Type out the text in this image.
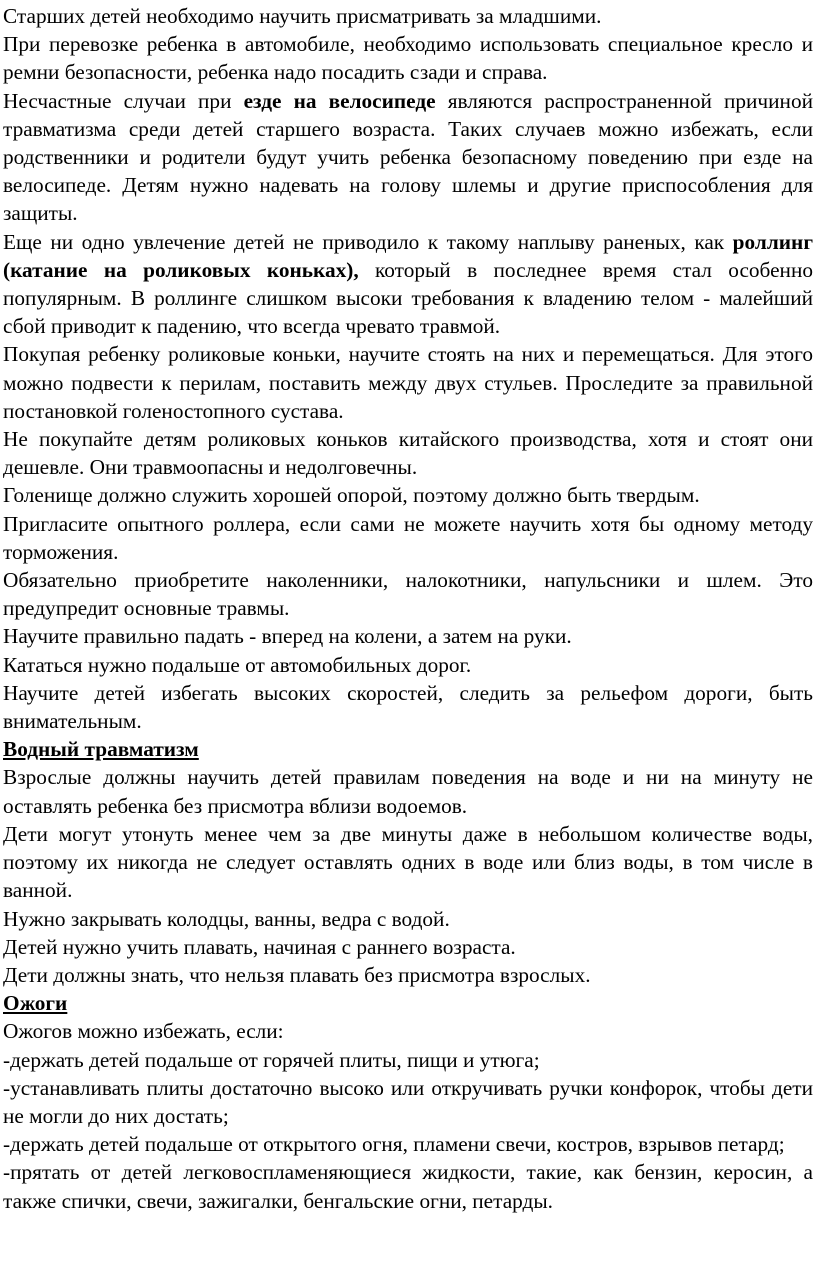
Старших детей необходимо научить присматривать за младшими.

При перевозке ребенка в автомобиле, необходимо использовать специальное кресло и ремни безопасности, ребенка надо посадить сзади и справа.

Несчастные случаи при езде на велосипеде являются распространенной причиной травматизма среди детей старшего возраста. Таких случаев можно избежать, если родственники и родители будут учить ребенка безопасному поведению при езде на велосипеде. Детям нужно надевать на голову шлемы и другие приспособления для защиты.

Еще ни одно увлечение детей не приводило к такому наплыву раненых, как роллинг (катание на роликовых коньках), который в последнее время стал особенно популярным. В роллинге слишком высоки требования к владению телом - малейший сбой приводит к падению, что всегда чревато травмой.

Покупая ребенку роликовые коньки, научите стоять на них и перемещаться. Для этого можно подвести к перилам, поставить между двух стульев. Проследите за правильной постановкой голеностопного сустава.

Не покупайте детям роликовых коньков китайского производства, хотя и стоят они дешевле. Они травмоопасны и недолговечны.

Голенище должно служить хорошей опорой, поэтому должно быть твердым.

Пригласите опытного роллера, если сами не можете научить хотя бы одному методу торможения.

Обязательно приобретите наколенники, налокотники, напульсники и шлем. Это предупредит основные травмы.

Научите правильно падать - вперед на колени, а затем на руки.

Кататься нужно подальше от автомобильных дорог.

Научите детей избегать высоких скоростей, следить за рельефом дороги, быть внимательным.

Водный травматизм

Взрослые должны научить детей правилам поведения на воде и ни на минуту не оставлять ребенка без присмотра вблизи водоемов.

Дети могут утонуть менее чем за две минуты даже в небольшом количестве воды, поэтому их никогда не следует оставлять одних в воде или близ воды, в том числе в ванной.

Нужно закрывать колодцы, ванны, ведра с водой.

Детей нужно учить плавать, начиная с раннего возраста.

Дети должны знать, что нельзя плавать без присмотра взрослых.

Ожоги

Ожогов можно избежать, если:

-держать детей подальше от горячей плиты, пищи и утюга;

-устанавливать плиты достаточно высоко или откручивать ручки конфорок, чтобы дети не могли до них достать;

-держать детей подальше от открытого огня, пламени свечи, костров, взрывов петард;

-прятать от детей легковоспламеняющиеся жидкости, такие, как бензин, керосин, а также спички, свечи, зажигалки, бенгальские огни, петарды.
